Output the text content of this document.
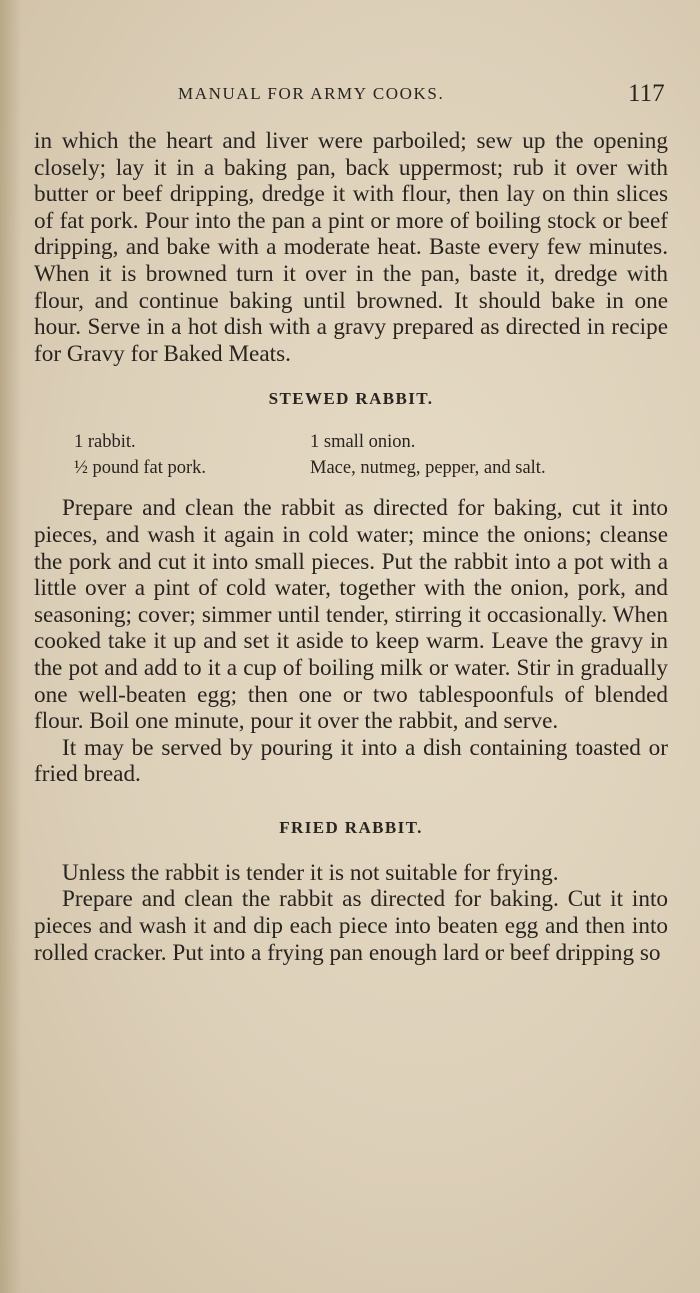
MANUAL FOR ARMY COOKS.	117

in which the heart and liver were parboiled; sew up the opening closely; lay it in a baking pan, back uppermost; rub it over with butter or beef dripping, dredge it with flour, then lay on thin slices of fat pork. Pour into the pan a pint or more of boiling stock or beef dripping, and bake with a moderate heat. Baste every few minutes. When it is browned turn it over in the pan, baste it, dredge with flour, and continue baking until browned. It should bake in one hour. Serve in a hot dish with a gravy prepared as directed in recipe for Gravy for Baked Meats.

STEWED RABBIT.
1 rabbit.	1 small onion.
½ pound fat pork.	Mace, nutmeg, pepper, and salt.

Prepare and clean the rabbit as directed for baking, cut it into pieces, and wash it again in cold water; mince the onions; cleanse the pork and cut it into small pieces. Put the rabbit into a pot with a little over a pint of cold water, together with the onion, pork, and seasoning; cover; simmer until tender, stirring it occasionally. When cooked take it up and set it aside to keep warm. Leave the gravy in the pot and add to it a cup of boiling milk or water. Stir in gradually one well-beaten egg; then one or two tablespoonfuls of blended flour. Boil one minute, pour it over the rabbit, and serve.

It may be served by pouring it into a dish containing toasted or fried bread.

FRIED RABBIT.

Unless the rabbit is tender it is not suitable for frying.

Prepare and clean the rabbit as directed for baking. Cut it into pieces and wash it and dip each piece into beaten egg and then into rolled cracker. Put into a frying pan enough lard or beef dripping so
